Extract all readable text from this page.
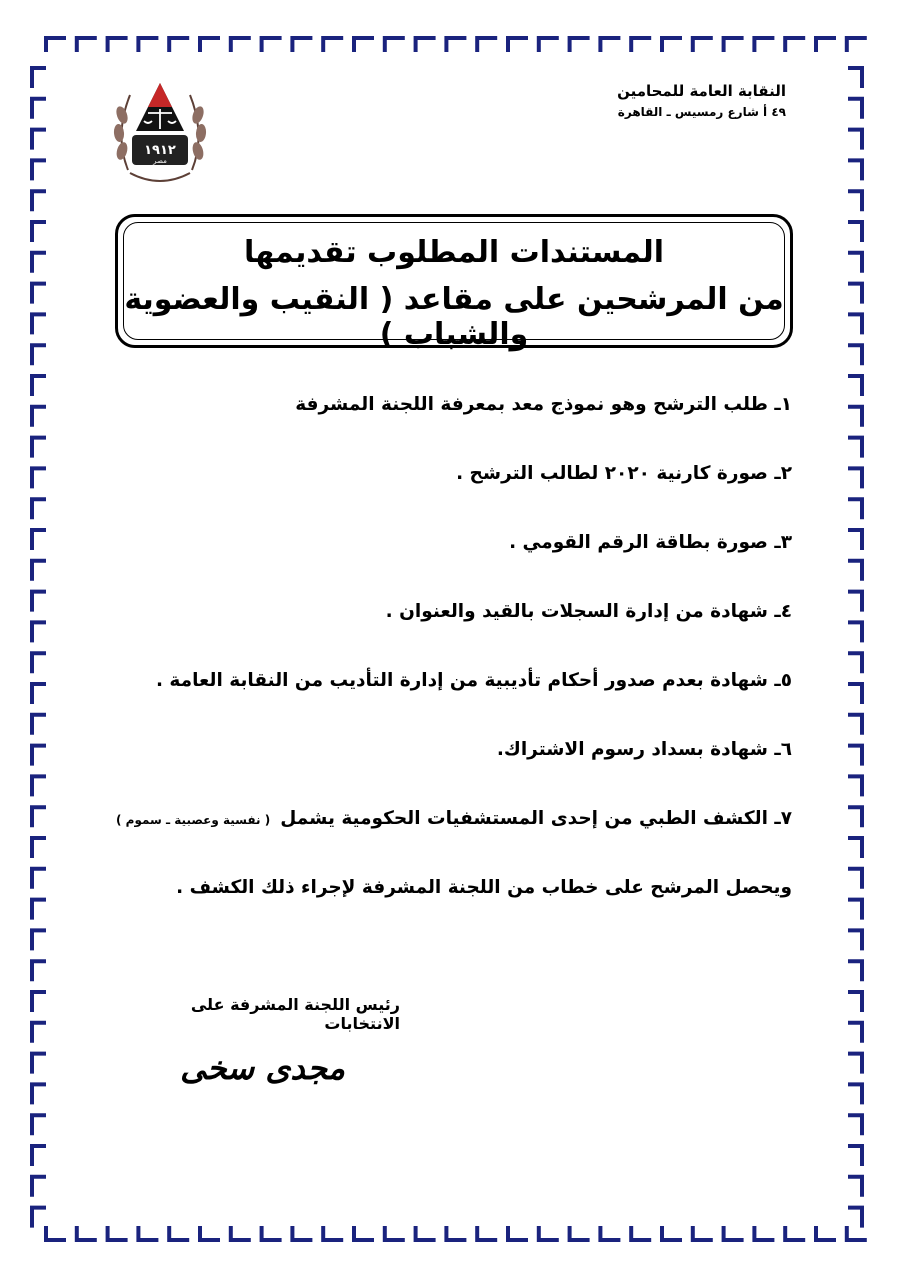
النقابة العامة للمحامين
٤٩ أ شارع رمسيس ـ القاهرة
١٩١٢
مصر
المستندات المطلوب تقديمها
من المرشحين على مقاعد ( النقيب والعضوية والشباب )
١ـ طلب الترشح وهو نموذج معد بمعرفة اللجنة المشرفة
٢ـ صورة كارنية ٢٠٢٠ لطالب الترشح .
٣ـ صورة بطاقة الرقم القومي .
٤ـ شهادة من إدارة السجلات بالقيد والعنوان .
٥ـ شهادة بعدم صدور أحكام تأديبية من إدارة التأديب من النقابة العامة .
٦ـ شهادة بسداد رسوم الاشتراك.
٧ـ الكشف الطبي من إحدى المستشفيات الحكومية يشمل( نفسية وعصبية ـ سموم )
ويحصل المرشح على خطاب من اللجنة المشرفة لإجراء ذلك الكشف .
رئيس اللجنة المشرفة على الانتخابات
مجدى سخى
